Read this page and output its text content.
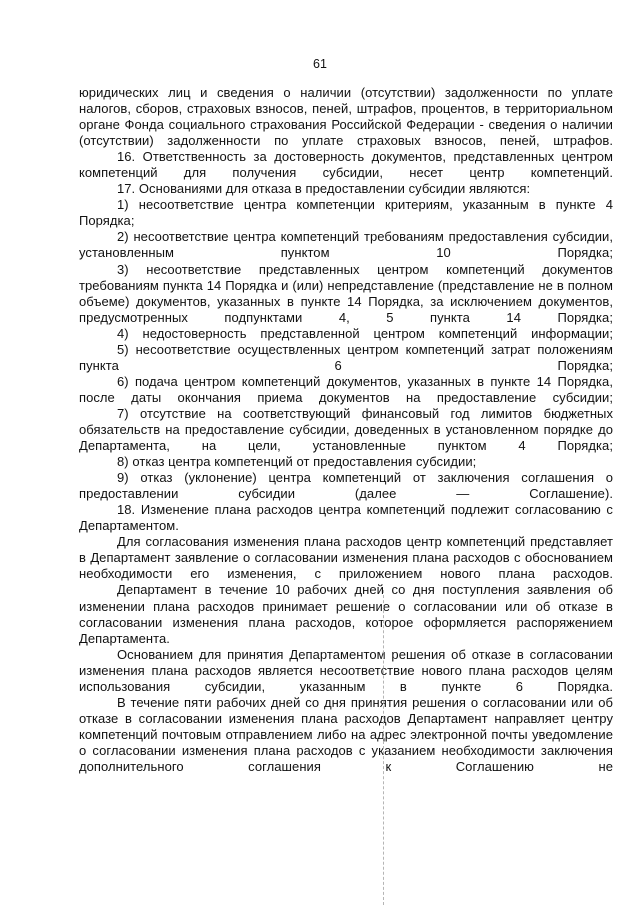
61

юридических лиц и сведения о наличии (отсутствии) задолженности по уплате налогов, сборов, страховых взносов, пеней, штрафов, процентов, в территориальном органе Фонда социального страхования Российской Федерации - сведения о наличии (отсутствии) задолженности по уплате страховых взносов, пеней, штрафов.

16. Ответственность за достоверность документов, представленных центром компетенций для получения субсидии, несет центр компетенций.

17. Основаниями для отказа в предоставлении субсидии являются:

1) несоответствие центра компетенции критериям, указанным в пункте 4 Порядка;

2) несоответствие центра компетенций требованиям предоставления субсидии, установленным пунктом 10 Порядка;

3) несоответствие представленных центром компетенций документов требованиям пункта 14 Порядка и (или) непредставление (представление не в полном объеме) документов, указанных в пункте 14 Порядка, за исключением документов, предусмотренных подпунктами 4, 5 пункта 14 Порядка;

4) недостоверность представленной центром компетенций информации;

5) несоответствие осуществленных центром компетенций затрат положениям пункта 6 Порядка;

6) подача центром компетенций документов, указанных в пункте 14 Порядка, после даты окончания приема документов на предоставление субсидии;

7) отсутствие на соответствующий финансовый год лимитов бюджетных обязательств на предоставление субсидии, доведенных в установленном порядке до Департамента, на цели, установленные пунктом 4 Порядка;

8) отказ центра компетенций от предоставления субсидии;

9) отказ (уклонение) центра компетенций от заключения соглашения о предоставлении субсидии (далее — Соглашение).

18. Изменение плана расходов центра компетенций подлежит согласованию с Департаментом.

Для согласования изменения плана расходов центр компетенций представляет в Департамент заявление о согласовании изменения плана расходов с обоснованием необходимости его изменения, с приложением нового плана расходов.

Департамент в течение 10 рабочих дней со дня поступления заявления об изменении плана расходов принимает решение о согласовании или об отказе в согласовании изменения плана расходов, которое оформляется распоряжением Департамента.

Основанием для принятия Департаментом решения об отказе в согласовании изменения плана расходов является несоответствие нового плана расходов целям использования субсидии, указанным в пункте 6 Порядка.

В течение пяти рабочих дней со дня принятия решения о согласовании или об отказе в согласовании изменения плана расходов Департамент направляет центру компетенций почтовым отправлением либо на адрес электронной почты уведомление о согласовании изменения плана расходов с указанием необходимости заключения дополнительного соглашения к Соглашению не
